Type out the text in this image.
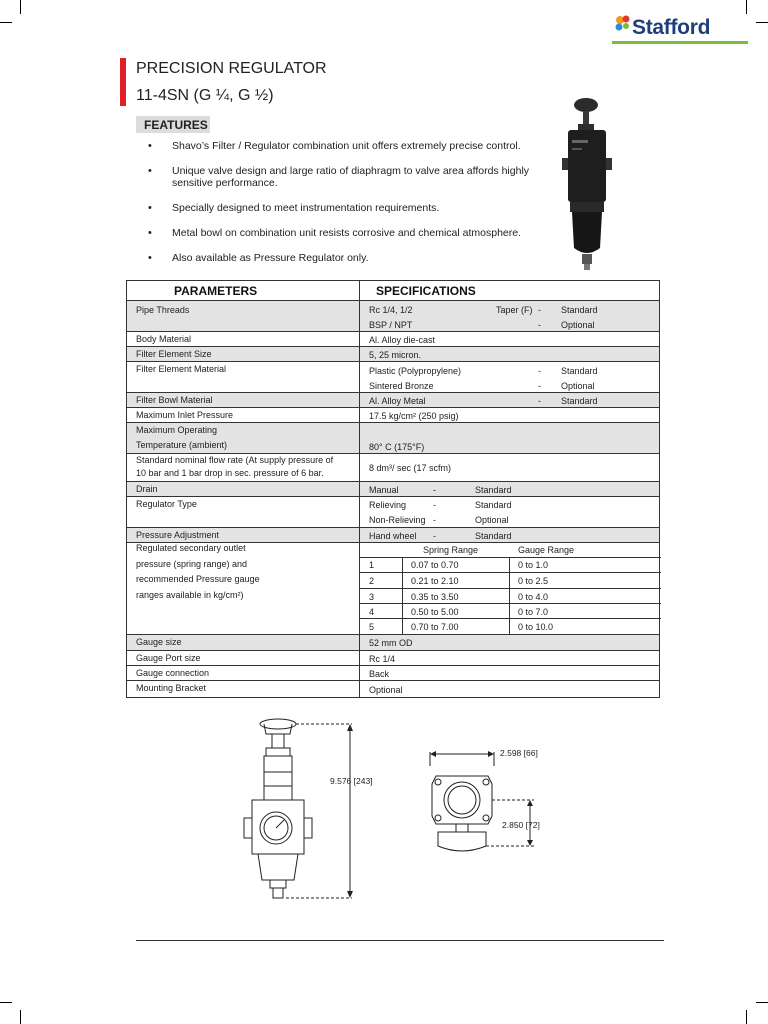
Stafford
PRECISION REGULATOR
11-4SN (G ¼, G ½)
FEATURES
• Shavo’s Filter / Regulator combination unit offers extremely precise control.
• Unique valve design and large ratio of diaphragm to valve area affords highly sensitive performance.
• Specially designed to meet instrumentation requirements.
• Metal bowl on combination unit resists corrosive and chemical atmosphere.
• Also available as Pressure Regulator only.
PARAMETERS	SPECIFICATIONS
Pipe Threads	Rc 1/4, 1/2	Taper (F) - Standard
BSP / NPT	- Optional
Body Material	Al. Alloy die-cast
Filter Element Size	5, 25 micron.
Filter Element Material	Plastic (Polypropylene)	- Standard
Sintered Bronze	- Optional
Filter Bowl Material	Al. Alloy Metal	- Standard
Maximum Inlet Pressure	17.5 kg/cm² (250 psig)
Maximum Operating
Temperature (ambient)	80° C (175°F)
Standard nominal flow rate (At supply pressure of
10 bar and 1 bar drop in sec. pressure of 6 bar.	8 dm³/ sec (17 scfm)
Drain	Manual	-	Standard
Regulator Type	Relieving	-	Standard
Non-Relieving -	Optional
Pressure Adjustment	Hand wheel -	Standard
Regulated secondary outlet
pressure (spring range) and
recommended Pressure gauge
ranges available in kg/cm²)
Spring Range	Gauge Range
1	0.07 to 0.70	0 to 1.0
2	0.21 to 2.10	0 to 2.5
3	0.35 to 3.50	0 to 4.0
4	0.50 to 5.00	0 to 7.0
5	0.70 to 7.00	0 to 10.0
Gauge size	52 mm OD
Gauge Port size	Rc 1/4
Gauge connection	Back
Mounting Bracket	Optional
9.576 [243]
2.598 [66]
2.850 [72]
